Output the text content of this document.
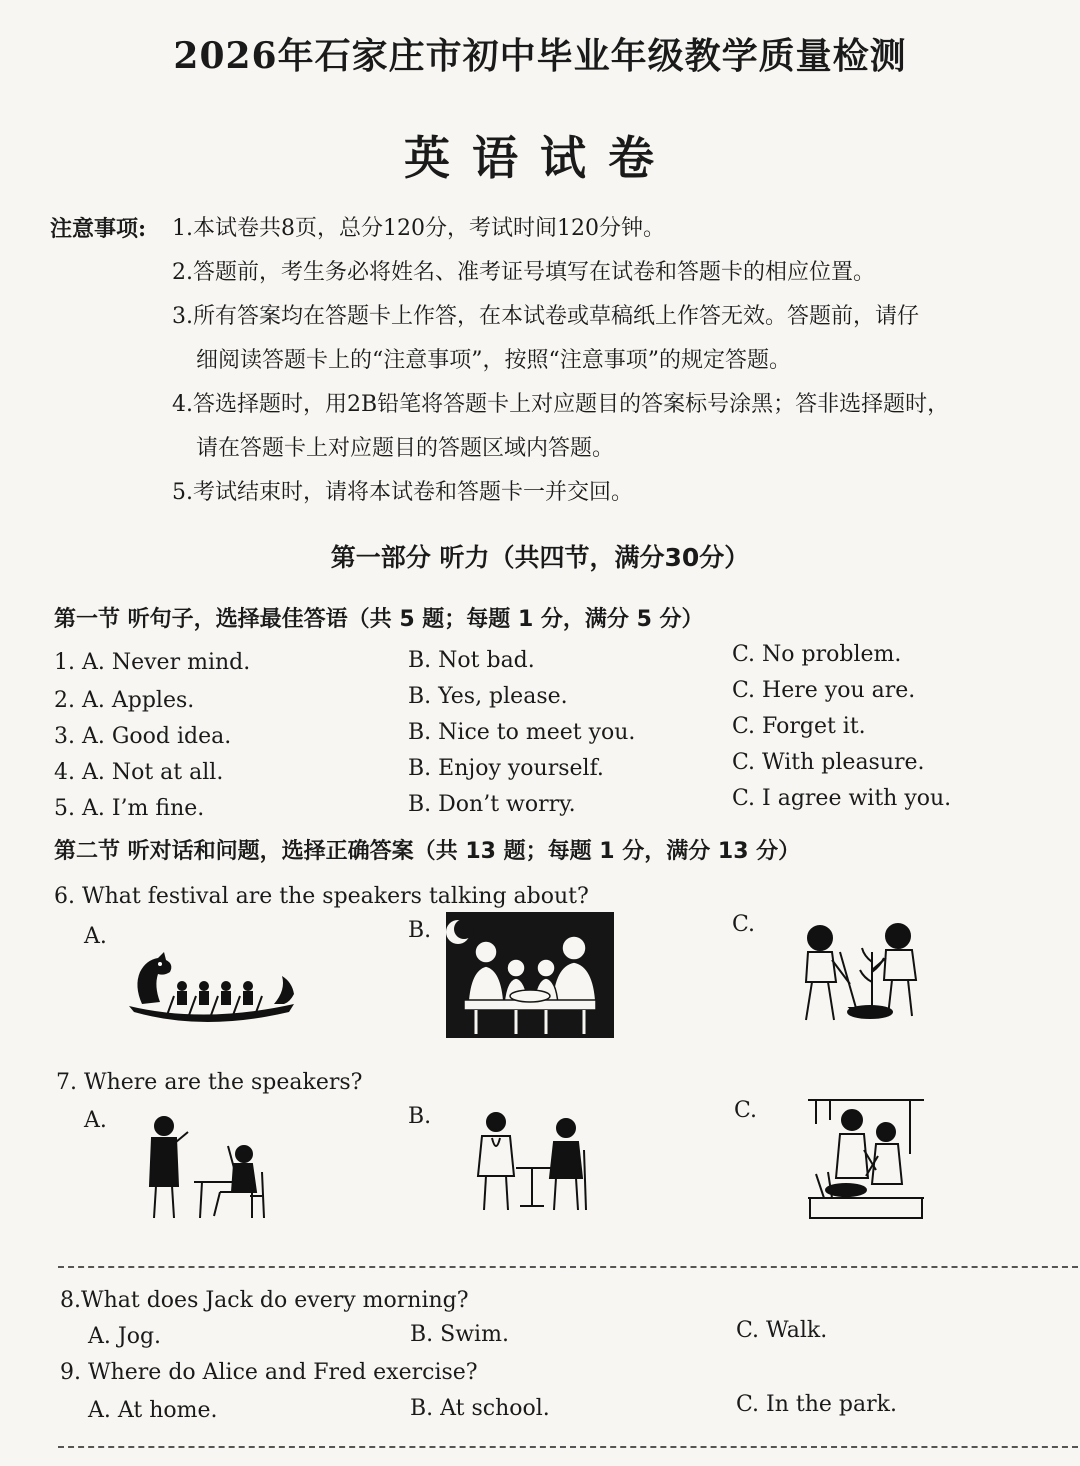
2026年石家庄市初中毕业年级教学质量检测
英语试卷
注意事项: 1.本试卷共8页，总分120分，考试时间120分钟。
2.答题前，考生务必将姓名、准考证号填写在试卷和答题卡的相应位置。
3.所有答案均在答题卡上作答，在本试卷或草稿纸上作答无效。答题前，请仔
细阅读答题卡上的“注意事项”，按照“注意事项”的规定答题。
4.答选择题时，用2B铅笔将答题卡上对应题目的答案标号涂黑；答非选择题时，
请在答题卡上对应题目的答题区域内答题。
5.考试结束时，请将本试卷和答题卡一并交回。
第一部分 听力（共四节，满分30分）
第一节 听句子，选择最佳答语（共 5 题；每题 1 分，满分 5 分）
1. A. Never mind.	B. Not bad.	C. No problem.
2. A. Apples.	B. Yes, please.	C. Here you are.
3. A. Good idea.	B. Nice to meet you.	C. Forget it.
4. A. Not at all.	B. Enjoy yourself.	C. With pleasure.
5. A. I’m fine.	B. Don’t worry.	C. I agree with you.
第二节 听对话和问题，选择正确答案（共 13 题；每题 1 分，满分 13 分）
6. What festival are the speakers talking about?
A.	B.	C.
7. Where are the speakers?
A.	B.	C.
8.What does Jack do every morning?
A. Jog.	B. Swim.	C. Walk.
9. Where do Alice and Fred exercise?
A. At home.	B. At school.	C. In the park.
